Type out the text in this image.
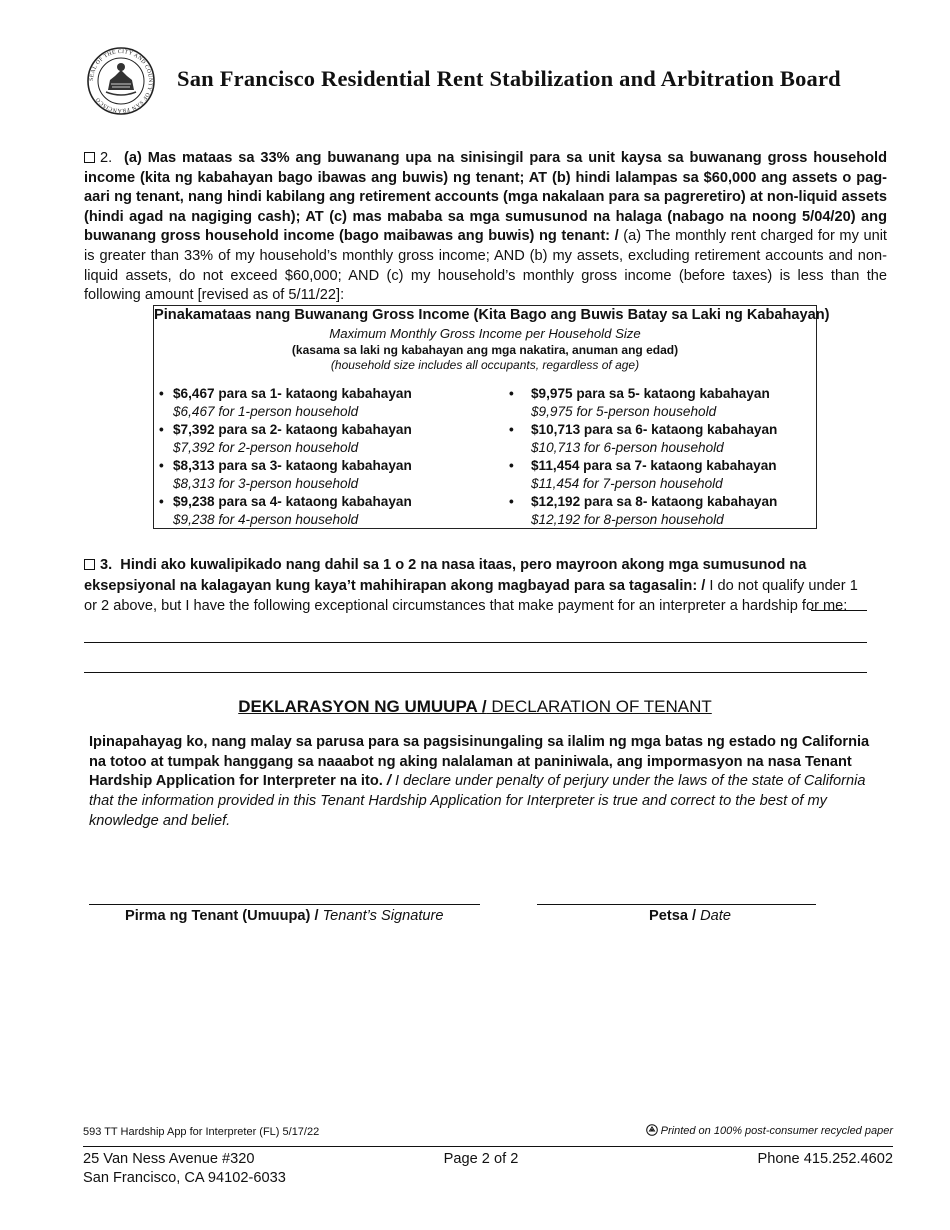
SEAL OF THE CITY AND COUNTY OF SAN FRANCISCO
San Francisco Residential Rent Stabilization and Arbitration Board
2. (a) Mas mataas sa 33% ang buwanang upa na sinisingil para sa unit kaysa sa buwanang gross household income (kita ng kabahayan bago ibawas ang buwis) ng tenant; AT (b) hindi lalampas sa $60,000 ang assets o pag-aari ng tenant, nang hindi kabilang ang retirement accounts (mga nakalaan para sa pagreretiro) at non-liquid assets (hindi agad na nagiging cash); AT (c) mas mababa sa mga sumusunod na halaga (nabago na noong 5/04/20) ang buwanang gross household income (bago maibawas ang buwis) ng tenant: / (a) The monthly rent charged for my unit is greater than 33% of my household’s monthly gross income; AND (b) my assets, excluding retirement accounts and non-liquid assets, do not exceed $60,000; AND (c) my household’s monthly gross income (before taxes) is less than the following amount [revised as of 5/11/22]:
Pinakamataas nang Buwanang Gross Income (Kita Bago ang Buwis Batay sa Laki ng Kabahayan)
Maximum Monthly Gross Income per Household Size
(kasama sa laki ng kabahayan ang mga nakatira, anuman ang edad)
(household size includes all occupants, regardless of age)
• $6,467 para sa 1- kataong kabahayan
$6,467 for 1-person household
• $7,392 para sa 2- kataong kabahayan
$7,392 for 2-person household
• $8,313 para sa 3- kataong kabahayan
$8,313 for 3-person household
• $9,238 para sa 4- kataong kabahayan
$9,238 for 4-person household
• $9,975 para sa 5- kataong kabahayan
$9,975 for 5-person household
• $10,713 para sa 6- kataong kabahayan
$10,713 for 6-person household
• $11,454 para sa 7- kataong kabahayan
$11,454 for 7-person household
• $12,192 para sa 8- kataong kabahayan
$12,192 for 8-person household
3. Hindi ako kuwalipikado nang dahil sa 1 o 2 na nasa itaas, pero mayroon akong mga sumusunod na eksepsiyonal na kalagayan kung kaya’t mahihirapan akong magbayad para sa tagasalin: / I do not qualify under 1 or 2 above, but I have the following exceptional circumstances that make payment for an interpreter a hardship for me:
DEKLARASYON NG UMUUPA / DECLARATION OF TENANT
Ipinapahayag ko, nang malay sa parusa para sa pagsisinungaling sa ilalim ng mga batas ng estado ng California na totoo at tumpak hanggang sa naaabot ng aking nalalaman at paniniwala, ang impormasyon na nasa Tenant Hardship Application for Interpreter na ito. / I declare under penalty of perjury under the laws of the state of California that the information provided in this Tenant Hardship Application for Interpreter is true and correct to the best of my knowledge and belief.
Pirma ng Tenant (Umuupa) / Tenant’s Signature	Petsa / Date
593 TT Hardship App for Interpreter (FL) 5/17/22	Printed on 100% post-consumer recycled paper
25 Van Ness Avenue #320
San Francisco, CA 94102-6033
Page 2 of 2	Phone 415.252.4602
